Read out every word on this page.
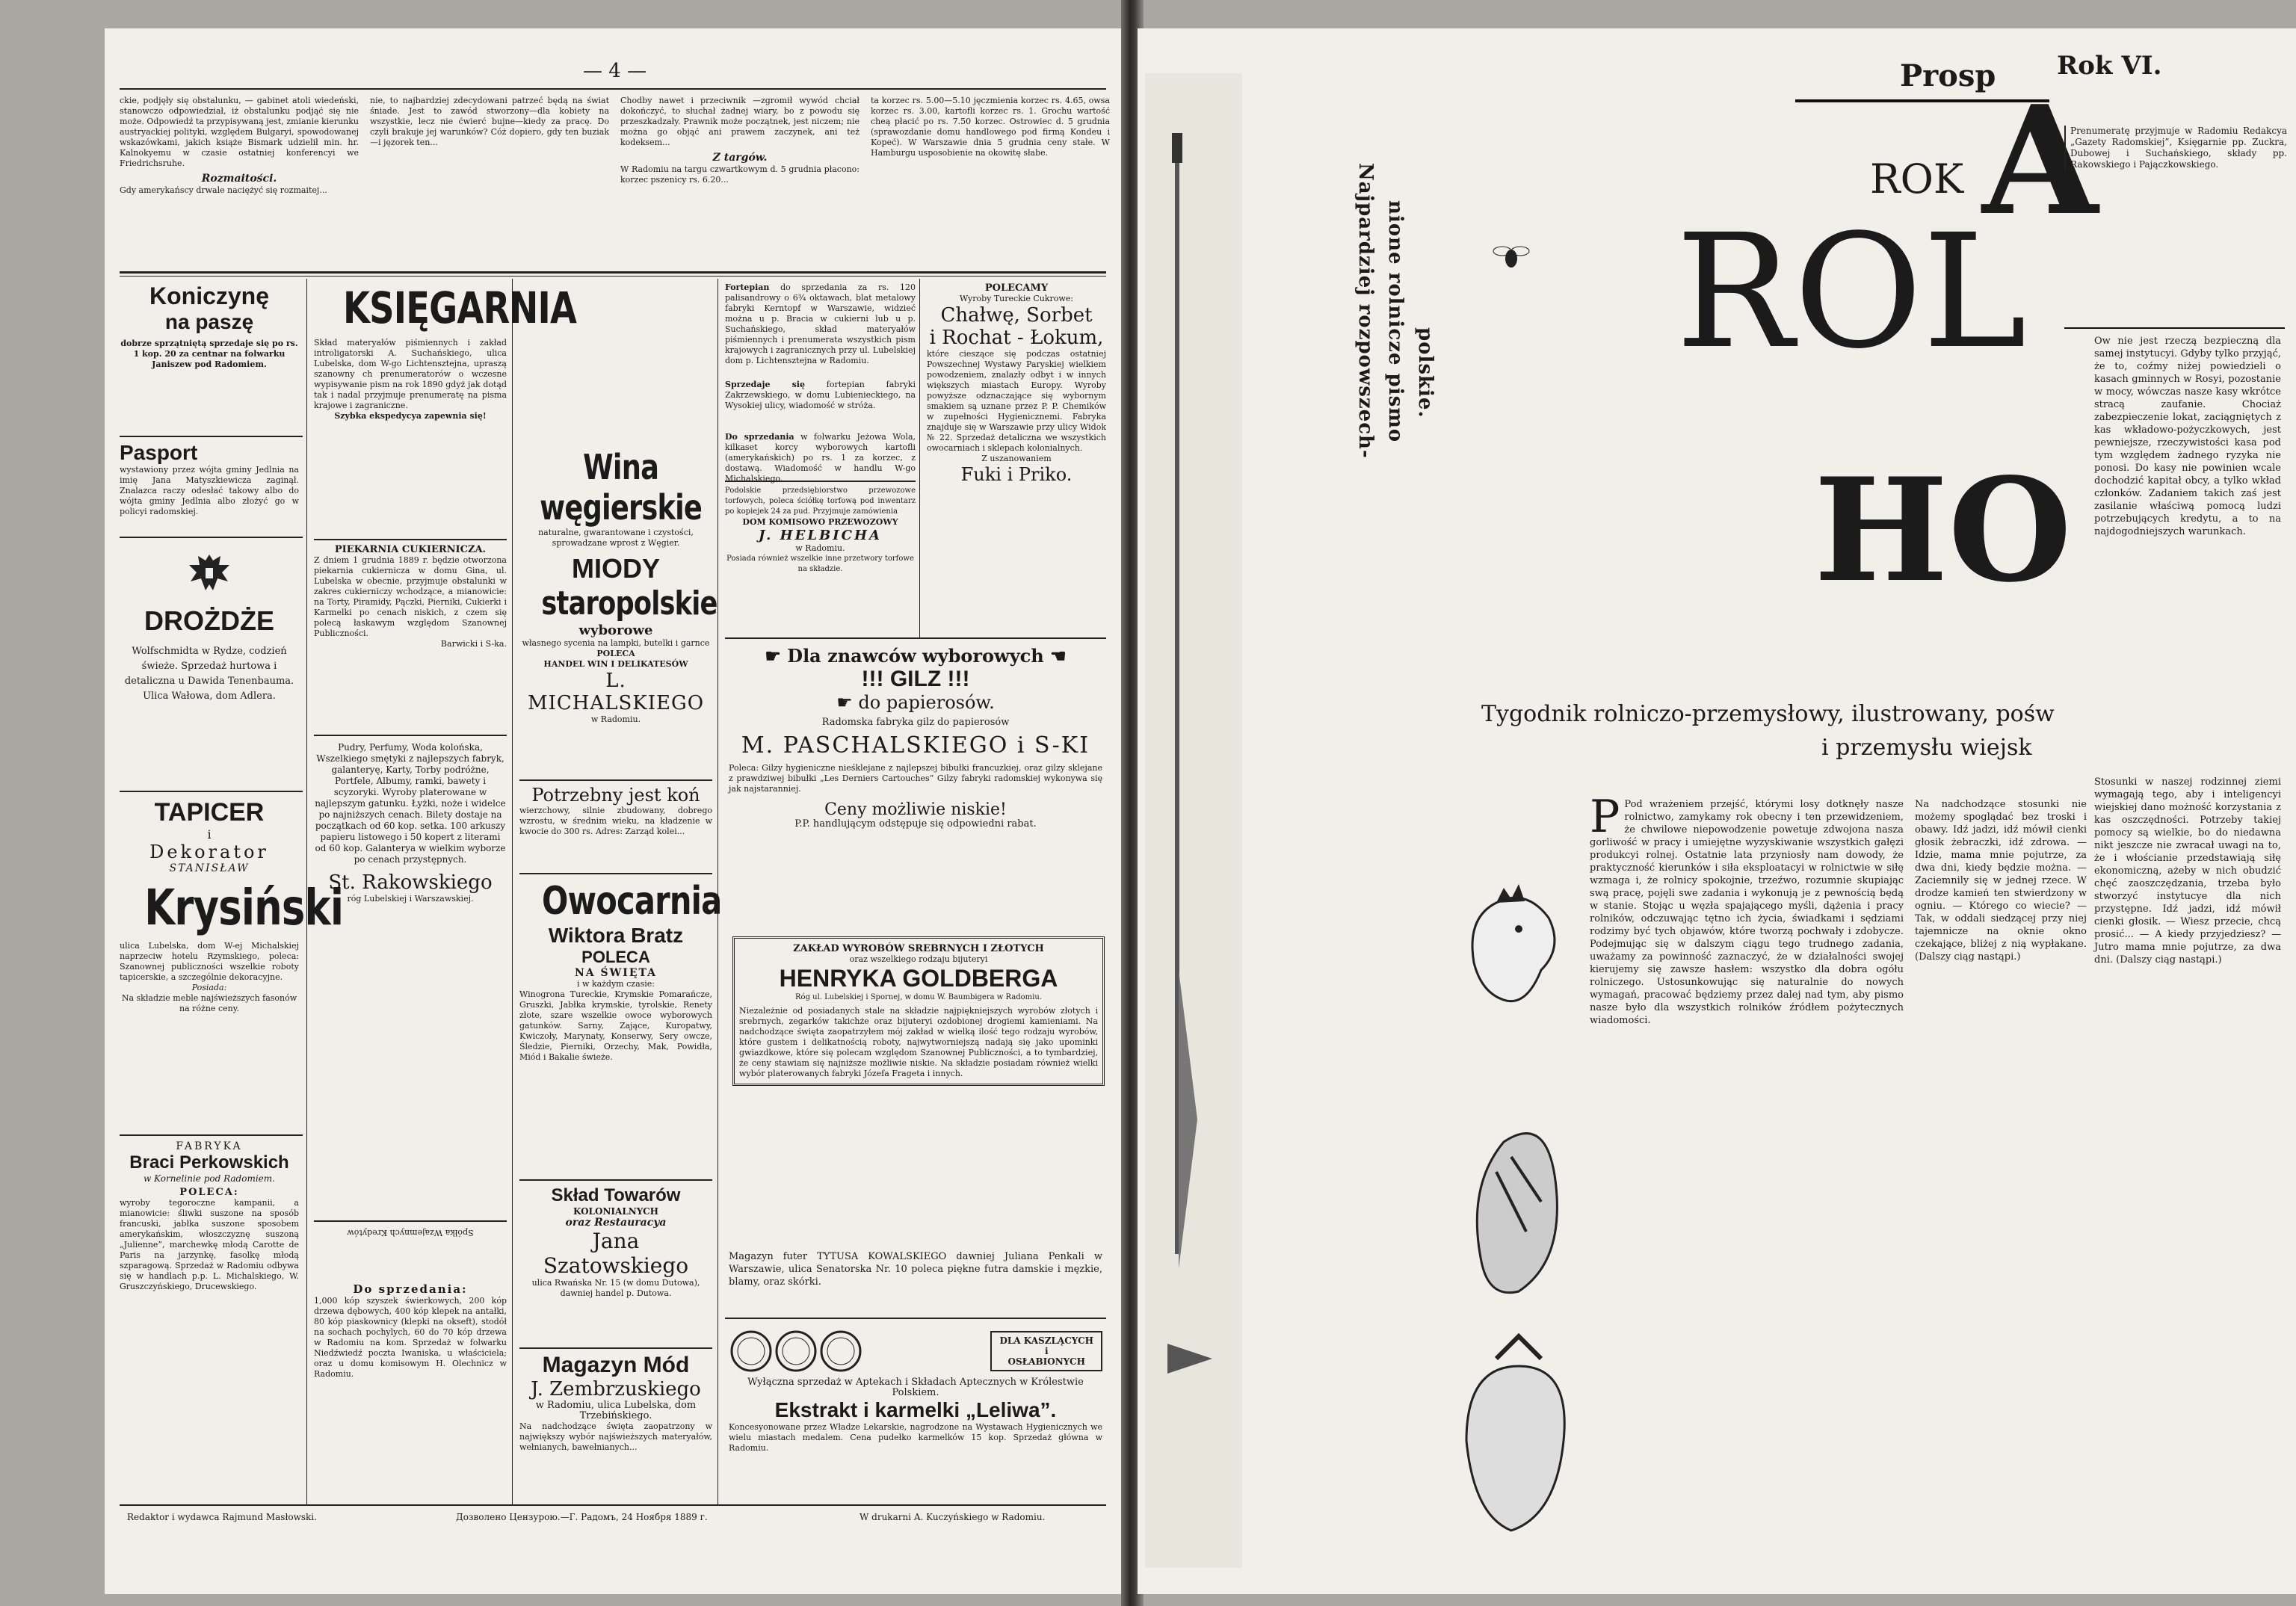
— 4 —

ckie, podjęły się obstalunku, — gabinet atoli wiedeński, stanowczo odpowiedział, iż obstalunku podjąć się nie może. Odpowiedź ta przypisywaną jest, zmianie kierunku austryackiej polityki, względem Bulgaryi, spowodowanej wskazówkami, jakich książe Bismark udzielił min. hr. Kalnokyemu w czasie ostatniej konferencyi we Friedrichsruhe.

Rozmaitości.

Gdy amerykańscy drwale naciężyć się rozmaitej...

nie, to najbardziej zdecydowani patrzeć będą na świat śniade. Jest to zawód stworzony—dla kobiety na wszystkie, lecz nie ćwierć bujne—kiedy za pracę. Do czyli brakuje jej warunków? Cóż dopiero, gdy ten buziak—i jęzorek ten...

Chodby nawet i przeciwnik —zgromił wywód chciał dokończyć, to słuchał żadnej wiary, bo z powodu się przeszkadzały. Prawnik może początnek, jest niczem; nie można go objąć ani prawem zaczynek, ani też kodeksem...

Z targów.

W Radomiu na targu czwartkowym d. 5 grudnia płacono: korzec pszenicy rs. 6.20...

ta korzec rs. 5.00—5.10 jęczmienia korzec rs. 4.65, owsa korzec rs. 3.00, kartofli korzec rs. 1. Grochu wartość cheą płacić po rs. 7.50 korzec. Ostrowiec d. 5 grudnia (sprawozdanie domu handlowego pod firmą Kondeu i Kopeć). W Warszawie dnia 5 grudnia ceny stałe. W Hamburgu usposobienie na okowitę słabe.

Koniczynę
na paszę
dobrze sprzątniętą sprzedaje się po rs. 1 kop. 20 za centnar na folwarku Janiszew pod Radomiem.
Pasport
wystawiony przez wójta gminy Jedlnia na imię Jana Matyszkiewicza zaginął. Znalazca raczy odesłać takowy albo do wójta gminy Jedlnia albo złożyć go w policyi radomskiej.
DROŻDŻE
Wolfschmidta w Rydze, codzień świeże. Sprzedaż hurtowa i detaliczna u Dawida Tenenbauma. Ulica Wałowa, dom Adlera.
TAPICER
i
Dekorator
STANISŁAW
Krysiński
ulica Lubelska, dom W-ej Michalskiej naprzeciw hotelu Rzymskiego, poleca: Szanownej publiczności wszelkie roboty tapicerskie, a szczególnie dekoracyjne.
Posiada:
Na składzie meble najświeższych fasonów na różne ceny.
FABRYKA
Braci Perkowskich
w Kornelinie pod Radomiem.
POLECA:
wyroby tegoroczne kampanii, a mianowicie: śliwki suszone na sposób francuski, jabłka suszone sposobem amerykańskim, włoszczyznę suszoną „Julienne”, marchewkę młodą Carotte de Paris na jarzynkę, fasolkę młodą szparagową. Sprzedaż w Radomiu odbywa się w handlach p.p. L. Michalskiego, W. Gruszczyńskiego, Drucewskiego.
KSIĘGARNIA
Skład materyałów piśmiennych i zakład introligatorski A. Suchańskiego, ulica Lubelska, dom W-go Lichtensztejna, upraszą szanowny ch prenumeratorów o wczesne wypisywanie pism na rok 1890 gdyż jak dotąd tak i nadal przyjmuje prenumeratę na pisma krajowe i zagraniczne.
Szybka ekspedycya zapewnia się!
PIEKARNIA CUKIERNICZA.
Z dniem 1 grudnia 1889 r. będzie otworzona piekarnia cukiernicza w domu Gina, ul. Lubelska w obecnie, przyjmuje obstalunki w zakres cukierniczy wchodzące, a mianowicie: na Torty, Piramidy, Pączki, Pierniki, Cukierki i Karmelki po cenach niskich, z czem się polecą łaskawym względom Szanownej Publiczności.
Barwicki i S-ka.
Pudry, Perfumy, Woda kolońska, Wszelkiego smętyki z najlepszych fabryk, galanteryę, Karty, Torby podróżne, Portfele, Albumy, ramki, bawety i scyzoryki. Wyroby platerowane w najlepszym gatunku. Łyżki, noże i widelce po najniższych cenach. Bilety dostaje na początkach od 60 kop. setka. 100 arkuszy papieru listowego i 50 kopert z literami od 60 kop. Galanterya w wielkim wyborze po cenach przystępnych.
St. Rakowskiego
róg Lubelskiej i Warszawskiej.
Spółka Wzajemnych Kredytów
Do sprzedania:
1,000 kóp szyszek świerkowych, 200 kóp drzewa dębowych, 400 kóp klepek na antałki, 80 kóp piaskownicy (klepki na okseft), stodół na sochach pochylych, 60 do 70 kóp drzewa w Radomiu na kom. Sprzedaż w folwarku Niedźwiedź poczta Iwaniska, u właściciela; oraz u domu komisowym H. Olechnicz w Radomiu.
Wina węgierskie
naturalne, gwarantowane i czystości, sprowadzane wprost z Węgier.
MIODY
staropolskie
wyborowe
własnego sycenia na lampki, butelki i garnce
POLECA
HANDEL WIN I DELIKATESÓW
L. MICHALSKIEGO
w Radomiu.
Potrzebny jest koń
wierzchowy, silnie zbudowany, dobrego wzrostu, w średnim wieku, na kładzenie w kwocie do 300 rs. Adres: Zarząd kolei...
Owocarnia
Wiktora Bratz
POLECA
NA ŚWIĘTA
i w każdym czasie:
Winogrona Tureckie, Krymskie Pomarańcze, Gruszki, Jabłka krymskie, tyrolskie, Renety złote, szare wszelkie owoce wyborowych gatunków. Sarny, Zające, Kuropatwy, Kwiczoły, Marynaty, Konserwy, Sery owcze, Śledzie, Pierniki, Orzechy, Mak, Powidła, Miód i Bakalie świeże.
Skład Towarów
KOLONIALNYCH
oraz Restauracya
Jana Szatowskiego
ulica Rwańska Nr. 15 (w domu Dutowa), dawniej handel p. Dutowa.
Magazyn Mód
J. Zembrzuskiego
w Radomiu, ulica Lubelska, dom Trzebińskiego.
Na nadchodzące święta zaopatrzony w największy wybór najświeższych materyałów, wełnianych, bawełnianych...
Fortepian do sprzedania za rs. 120 palisandrowy o 6¾ oktawach, blat metalowy fabryki Kerntopf w Warszawie, widzieć można u p. Bracia w cukierni lub u p. Suchańskiego, skład materyałów piśmiennych i prenumerata wszystkich pism krajowych i zagranicznych przy ul. Lubelskiej dom p. Lichtensztejna w Radomiu.
POLECAMY
Wyroby Tureckie Cukrowe:
Chałwę, Sorbet
i Rochat - Łokum,
które cieszące się podczas ostatniej Powszechnej Wystawy Paryskiej wielkiem powodzeniem, znalazły odbyt i w innych większych miastach Europy. Wyroby powyższe odznaczające się wybornym smakiem są uznane przez P. P. Chemików w zupełności Hygienicznemi. Fabryka znajduje się w Warszawie przy ulicy Widok № 22. Sprzedaż detaliczna we wszystkich owocarniach i sklepach kolonialnych.
Z uszanowaniem
Fuki i Priko.
Sprzedaje się	fortepian fabryki Zakrzewskiego, w domu Lubienieckiego, na Wysokiej ulicy, wiadomość w stróża.
Do sprzedania w folwarku Jeżowa Wola, kilkaset korcy wyborowych kartofli (amerykańskich) po rs. 1 za korzec, z dostawą. Wiadomość w handlu W-go Michalskiego.
Podolskie przedsiębiorstwo przewozowe torfowych, poleca ściółkę torfową pod inwentarz po kopiejek 24 za pud. Przyjmuje zamówienia
DOM KOMISOWO PRZEWOZOWY
J. HELBICHA
w Radomiu.
Posiada również wszelkie inne przetwory torfowe na składzie.
☛ Dla znawców wyborowych ☚
!!! GILZ !!!
☛ do papierosów.
Radomska fabryka gilz do papierosów
M. PASCHALSKIEGO i S-KI
Poleca: Gilzy hygieniczne nieśklejane z najlepszej bibułki francuzkiej, oraz gilzy sklejane z prawdziwej bibułki „Les Derniers Cartouches” Gilzy fabryki radomskiej wykonywa się jak najstaranniej.
Ceny możliwie niskie!
P.P. handlującym odstępuje się odpowiedni rabat.
ZAKŁAD WYROBÓW SREBRNYCH I ZŁOTYCH
oraz wszelkiego rodzaju bijuteryi
HENRYKA GOLDBERGA
Róg ul. Lubelskiej i Spornej, w domu W. Baumbigera w Radomiu.
Niezależnie od posiadanych stale na składzie najpiękniejszych wyrobów złotych i srebrnych, zegarków takichże oraz bijuteryi ozdobionej drogiemi kamieniami. Na nadchodzące święta zaopatrzyłem mój zakład w wielką ilość tego rodzaju wyrobów, które gustem i delikatnością roboty, najwytworniejszą nadają się jako upominki gwiazdkowe, które się polecam względom Szanownej Publiczności, a to tymbardziej, że ceny stawiam się najniższe możliwie niskie. Na składzie posiadam również wielki wybór platerowanych fabryki Józefa Frageta i innych.
Magazyn futer TYTUSA KOWALSKIEGO dawniej Juliana Penkali w Warszawie, ulica Senatorska Nr. 10 poleca piękne futra damskie i męzkie, blamy, oraz skórki.
DLA KASZLĄCYCH
i
OSŁABIONYCH
Wyłączna sprzedaż w Aptekach i Składach Aptecznych w Królestwie Polskiem.
Ekstrakt i karmelki „Leliwa”.
Koncesyonowane przez Władze Lekarskie, nagrodzone na Wystawach Hygienicznych we wielu miastach medalem. Cena pudełko karmelków 15 kop. Sprzedaż główna w Radomiu.
Redaktor i wydawca Rajmund Masłowski.	Дозволено Цензурою.—Г. Радомъ, 24 Ноября 1889 г.	W drukarni A. Kuczyńskiego w Radomiu.
Najpardziej rozpowszech- nione rolnicze pismo polskie.
Prosp Rok VI.
ROK A
ROL
HO
Tygodnik rolniczo-przemysłowy, ilustrowany, pośw
i przemysłu wiejsk
Prenumeratę przyjmuje w Radomiu Redakcya „Gazety Radomskiej”, Księgarnie pp. Zuckra, Dubowej i Suchańskiego, składy pp. Rakowskiego i Pajączkowskiego.
P Pod wrażeniem przejść, którymi losy dotknęły nasze rolnictwo, zamykamy rok obecny i ten przewidzeniem, że chwilowe niepowodzenie powetuje zdwojona nasza gorliwość w pracy i umiejętne wyzyskiwanie wszystkich gałęzi produkcyi rolnej. Ostatnie lata przyniosły nam dowody, że praktyczność kierunków i siła eksploatacyi w rolnictwie w siłę wzmaga i, że rolnicy spokojnie, trzeźwo, rozumnie skupiając swą pracę, pojęli swe zadania i wykonują je z pewnością będą w stanie. Stojąc u węzła spajającego myśli, dążenia i pracy rolników, odczuwając tętno ich życia, świadkami i sędziami rodzimy być tych objawów, które tworzą pochwały i zdobycze. Podejmując się w dalszym ciągu tego trudnego zadania, uważamy za powinność zaznaczyć, że w działalności swojej kierujemy się zawsze hasłem: wszystko dla dobra ogółu rolniczego. Ustosunkowując się naturalnie do nowych wymagań, pracować będziemy przez dalej nad tym, aby pismo nasze było dla wszystkich rolników źródłem pożytecznych wiadomości.
Na nadchodzące stosunki nie możemy spoglądać bez troski i obawy. Idź jadzi, idź mówił cienki głosik żebraczki, idź zdrowa. — Idzie, mama mnie pojutrze, za dwa dni, kiedy będzie można. — Zaciemnily się w jednej rzece. W drodze kamień ten stwierdzony w ogniu. — Którego co wiecie? — Tak, w oddali siedzącej przy niej tajemnicze na oknie okno czekające, bliżej z nią wypłakane. (Dalszy ciąg nastąpi.)
Ow nie jest rzeczą bezpieczną dla samej instytucyi. Gdyby tylko przyjąć, że to, coźmy niżej powiedzieli o kasach gminnych w Rosyi, pozostanie w mocy, wówczas nasze kasy wkrótce stracą zaufanie. Chociaż zabezpieczenie lokat, zaciągniętych z kas wkładowo-pożyczkowych, jest pewniejsze, rzeczywistości kasa pod tym względem żadnego ryzyka nie ponosi. Do kasy nie powinien wcale dochodzić kapitał obcy, a tylko wkład członków. Zadaniem takich zaś jest zasilanie właściwą pomocą ludzi potrzebujących kredytu, a to na najdogodniejszych warunkach.
Stosunki w naszej rodzinnej ziemi wymagają tego, aby i inteligencyi wiejskiej dano możność korzystania z kas oszczędności. Potrzeby takiej pomocy są wielkie, bo do niedawna nikt jeszcze nie zwracał uwagi na to, że i włościanie przedstawiają siłę ekonomiczną, ażeby w nich obudzić chęć zaoszczędzania, trzeba było stworzyć instytucye dla nich przystępne. Idź jadzi, idź mówił cienki głosik. — Wiesz przecie, chcą prosić... — A kiedy przyjedziesz? — Jutro mama mnie pojutrze, za dwa dni. (Dalszy ciąg nastąpi.)
